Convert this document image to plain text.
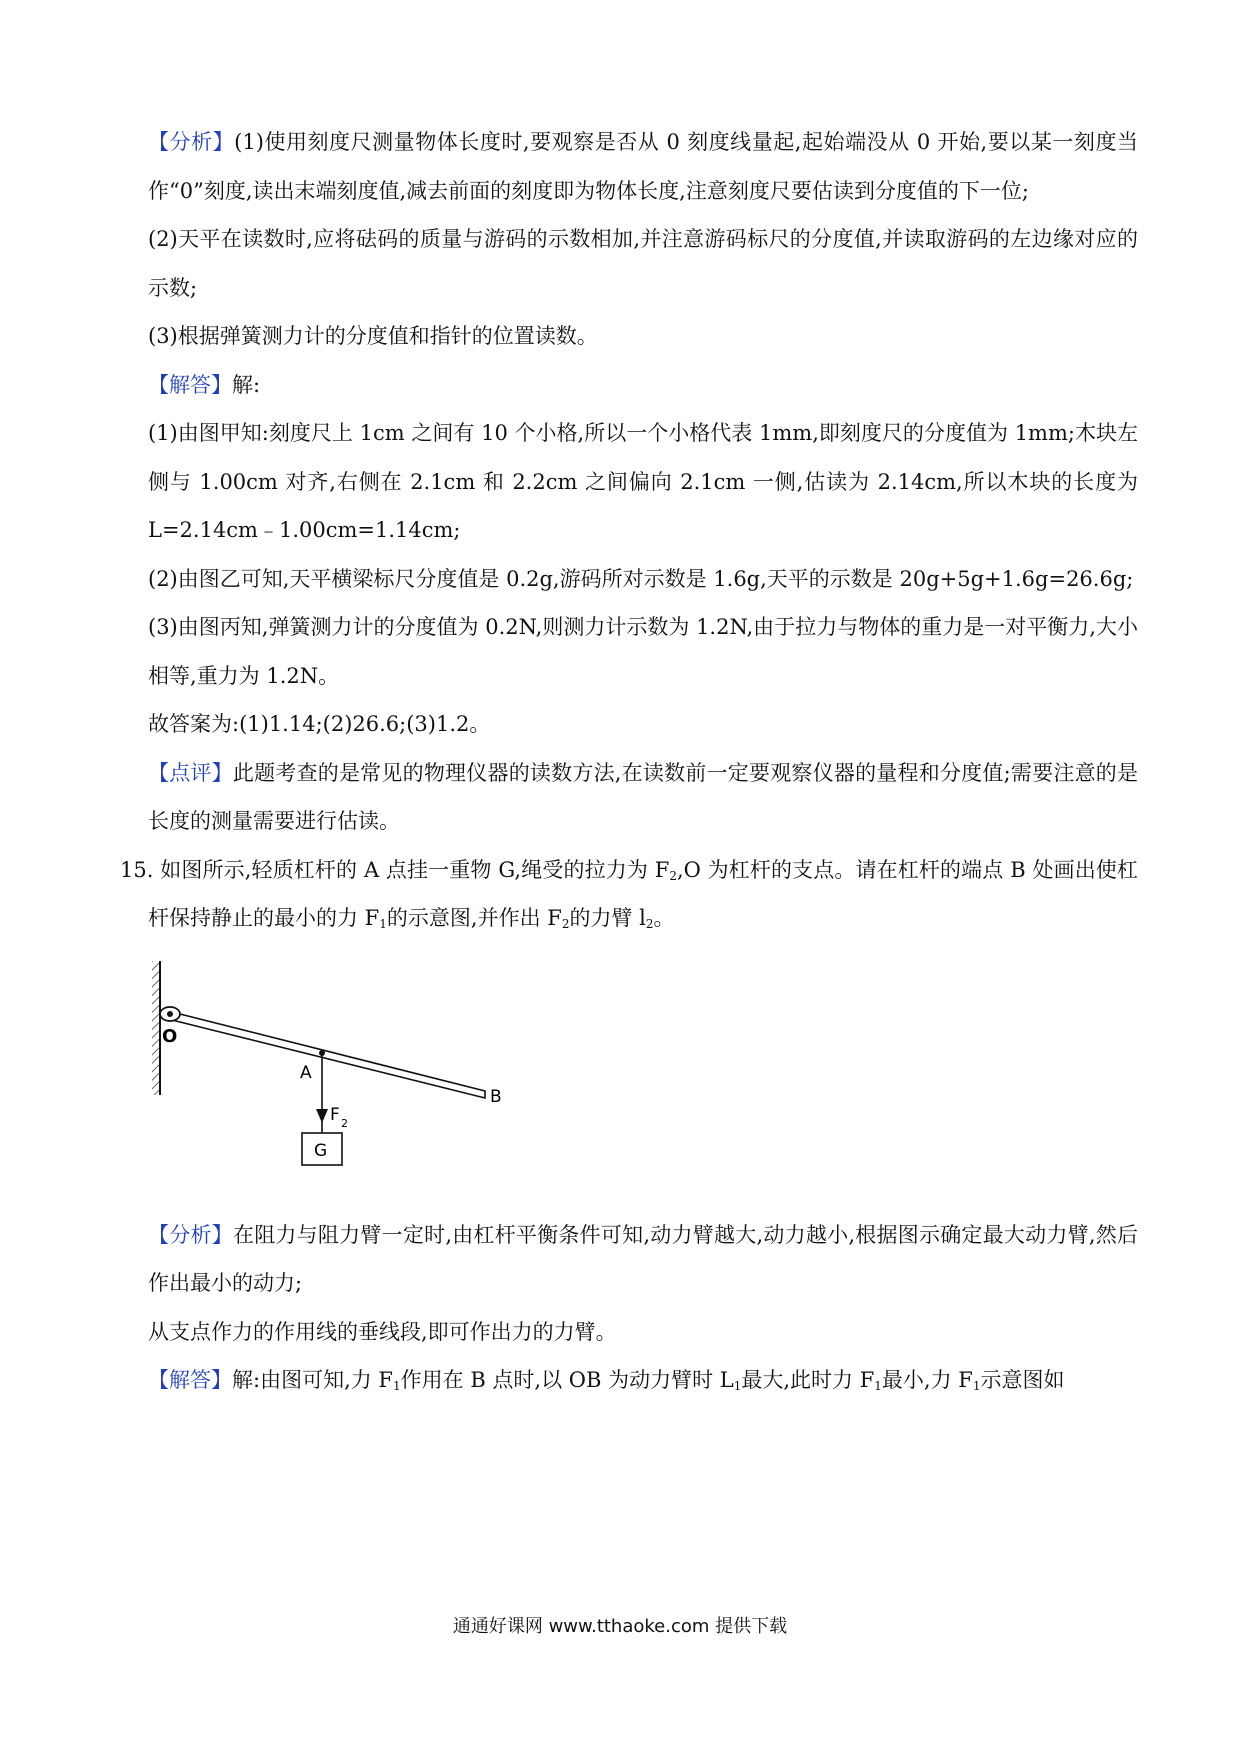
【分析】(1)使用刻度尺测量物体长度时,要观察是否从 0 刻度线量起,起始端没从 0 开始,要以某一刻度当作“0”刻度,读出末端刻度值,减去前面的刻度即为物体长度,注意刻度尺要估读到分度值的下一位;

(2)天平在读数时,应将砝码的质量与游码的示数相加,并注意游码标尺的分度值,并读取游码的左边缘对应的示数;

(3)根据弹簧测力计的分度值和指针的位置读数。

【解答】解:

(1)由图甲知:刻度尺上 1cm 之间有 10 个小格,所以一个小格代表 1mm,即刻度尺的分度值为 1mm;木块左侧与 1.00cm 对齐,右侧在 2.1cm 和 2.2cm 之间偏向 2.1cm 一侧,估读为 2.14cm,所以木块的长度为 L=2.14cm﹣1.00cm=1.14cm;

(2)由图乙可知,天平横梁标尺分度值是 0.2g,游码所对示数是 1.6g,天平的示数是 20g+5g+1.6g=26.6g;

(3)由图丙知,弹簧测力计的分度值为 0.2N,则测力计示数为 1.2N,由于拉力与物体的重力是一对平衡力,大小相等,重力为 1.2N。

故答案为:(1)1.14;(2)26.6;(3)1.2。

【点评】此题考查的是常见的物理仪器的读数方法,在读数前一定要观察仪器的量程和分度值;需要注意的是长度的测量需要进行估读。

15. 如图所示,轻质杠杆的 A 点挂一重物 G,绳受的拉力为 $F_2,O$ 为杠杆的支点。请在杠杆的端点 B 处画出使杠杆保持静止的最小的力 $F_1$的示意图,并作出 $F_2$的力臂 $l_2$。

O
A
F 2
G
B

【分析】在阻力与阻力臂一定时,由杠杆平衡条件可知,动力臂越大,动力越小,根据图示确定最大动力臂,然后作出最小的动力;

从支点作力的作用线的垂线段,即可作出力的力臂。

【解答】解:由图可知,力 $F_1$作用在 B 点时,以 OB 为动力臂时 $L_1$最大,此时力 $F_1$最小,力 $F_1$示意图如

通通好课网 www.tthaoke.com 提供下载
